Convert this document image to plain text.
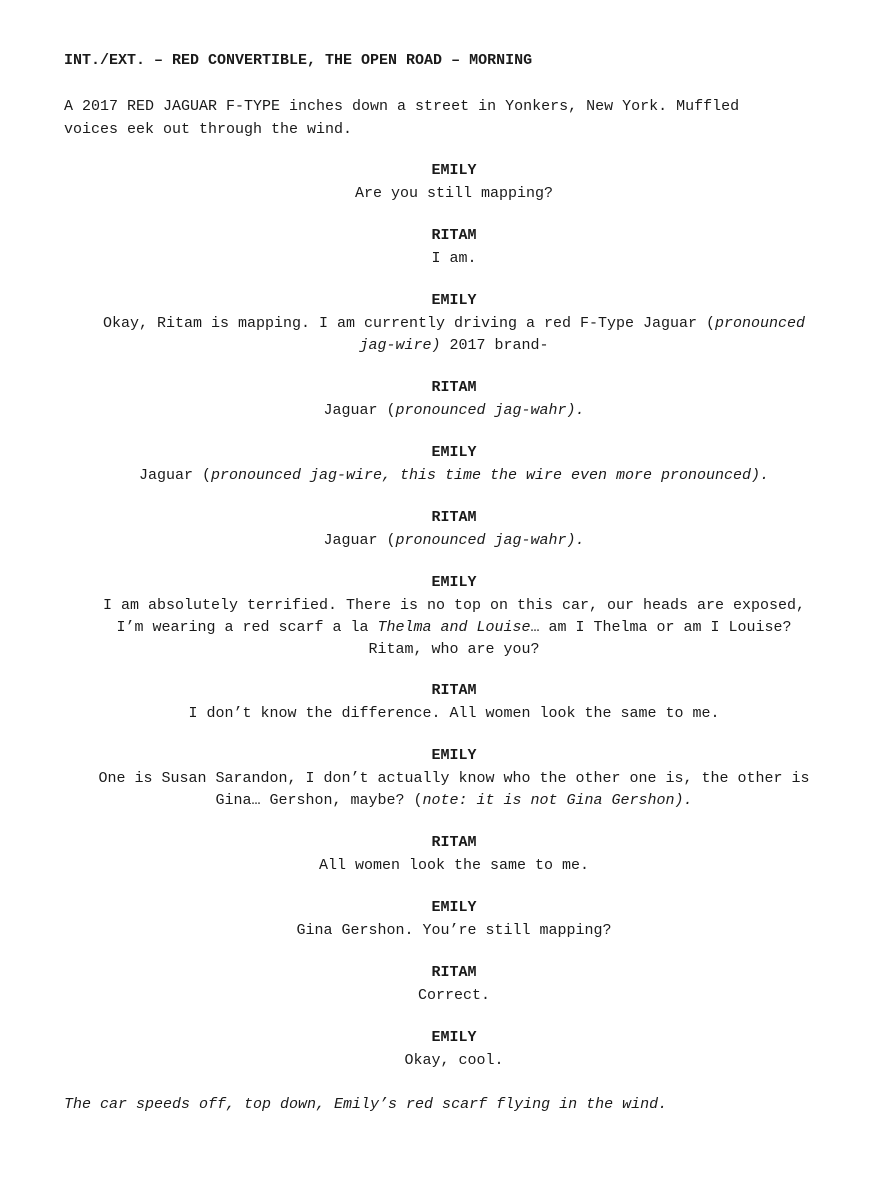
INT./EXT. – RED CONVERTIBLE, THE OPEN ROAD – MORNING
A 2017 RED JAGUAR F-TYPE inches down a street in Yonkers, New York. Muffled
voices eek out through the wind.
EMILY
Are you still mapping?
RITAM
I am.
EMILY
Okay, Ritam is mapping. I am currently driving a red F-Type Jaguar (pronounced
jag-wire) 2017 brand-
RITAM
Jaguar (pronounced jag-wahr).
EMILY
Jaguar (pronounced jag-wire, this time the wire even more pronounced).
RITAM
Jaguar (pronounced jag-wahr).
EMILY
I am absolutely terrified. There is no top on this car, our heads are exposed,
I’m wearing a red scarf a la Thelma and Louise… am I Thelma or am I Louise?
Ritam, who are you?
RITAM
I don’t know the difference. All women look the same to me.
EMILY
One is Susan Sarandon, I don’t actually know who the other one is, the other is
Gina… Gershon, maybe? (note: it is not Gina Gershon).
RITAM
All women look the same to me.
EMILY
Gina Gershon. You’re still mapping?
RITAM
Correct.
EMILY
Okay, cool.
The car speeds off, top down, Emily’s red scarf flying in the wind.
